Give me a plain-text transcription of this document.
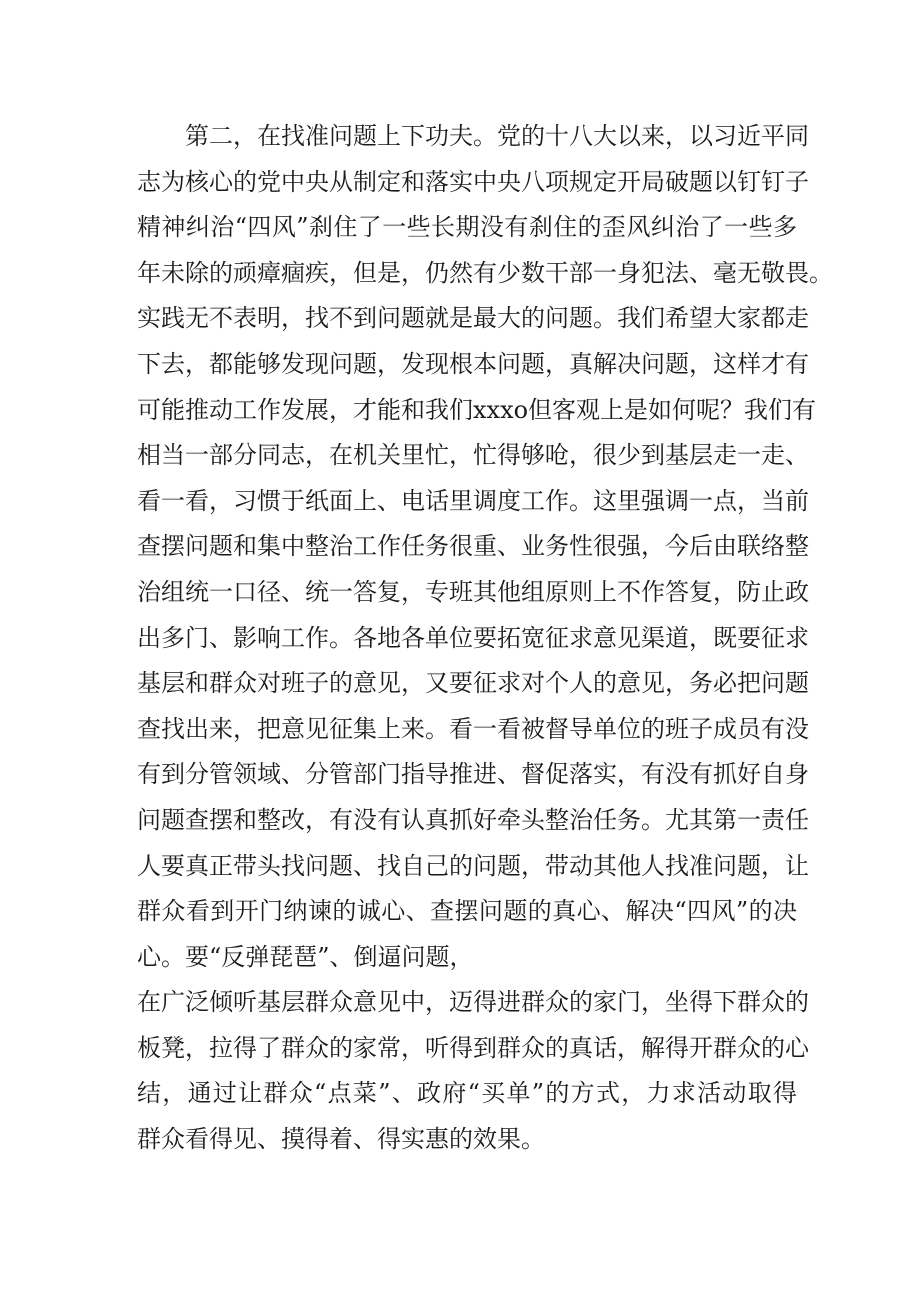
第二，在找准问题上下功夫。党的十八大以来，以习近平同
志为核心的党中央从制定和落实中央八项规定开局破题以钉钉子
精神纠治“四风”刹住了一些长期没有刹住的歪风纠治了一些多
年未除的顽瘴痼疾，但是，仍然有少数干部一身犯法、毫无敬畏。
实践无不表明，找不到问题就是最大的问题。我们希望大家都走
下去，都能够发现问题，发现根本问题，真解决问题，这样才有
可能推动工作发展，才能和我们xxxo但客观上是如何呢？我们有
相当一部分同志，在机关里忙，忙得够呛，很少到基层走一走、
看一看，习惯于纸面上、电话里调度工作。这里强调一点，当前
查摆问题和集中整治工作任务很重、业务性很强，今后由联络整
治组统一口径、统一答复，专班其他组原则上不作答复，防止政
出多门、影响工作。各地各单位要拓宽征求意见渠道，既要征求
基层和群众对班子的意见，又要征求对个人的意见，务必把问题
查找出来，把意见征集上来。看一看被督导单位的班子成员有没
有到分管领域、分管部门指导推进、督促落实，有没有抓好自身
问题查摆和整改，有没有认真抓好牵头整治任务。尤其第一责任
人要真正带头找问题、找自己的问题，带动其他人找准问题，让
群众看到开门纳谏的诚心、查摆问题的真心、解决“四风”的决
心。要“反弹琵琶”、倒逼问题，
在广泛倾听基层群众意见中，迈得进群众的家门，坐得下群众的
板凳，拉得了群众的家常，听得到群众的真话，解得开群众的心
结，通过让群众“点菜”、政府“买单”的方式，力求活动取得
群众看得见、摸得着、得实惠的效果。
